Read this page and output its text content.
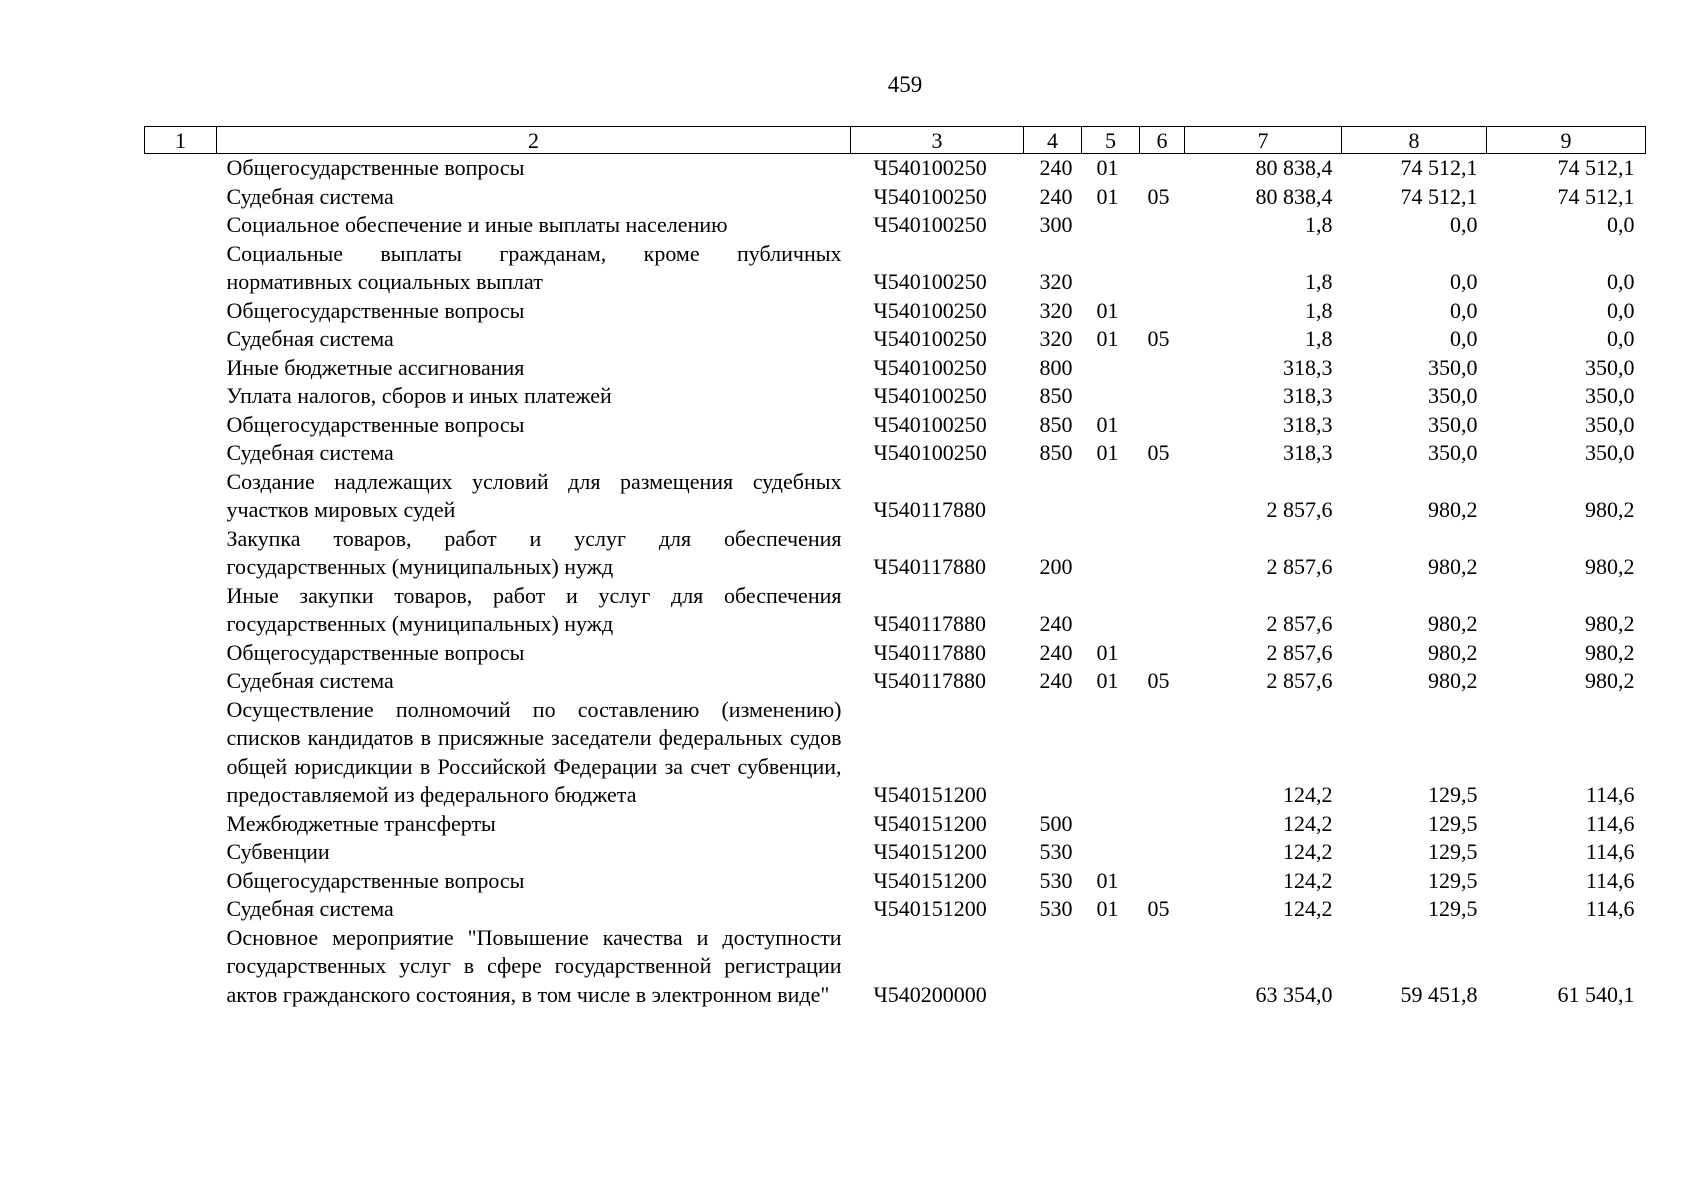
459
1	2	3	4	5	6	7	8	9
	Общегосударственные вопросы	Ч540100250	240	01		80 838,4	74 512,1	74 512,1
	Судебная система	Ч540100250	240	01	05	80 838,4	74 512,1	74 512,1
	Социальное обеспечение и иные выплаты населению	Ч540100250	300			1,8	0,0	0,0
	Социальные выплаты гражданам, кроме публичных нормативных социальных выплат	Ч540100250	320			1,8	0,0	0,0
	Общегосударственные вопросы	Ч540100250	320	01		1,8	0,0	0,0
	Судебная система	Ч540100250	320	01	05	1,8	0,0	0,0
	Иные бюджетные ассигнования	Ч540100250	800			318,3	350,0	350,0
	Уплата налогов, сборов и иных платежей	Ч540100250	850			318,3	350,0	350,0
	Общегосударственные вопросы	Ч540100250	850	01		318,3	350,0	350,0
	Судебная система	Ч540100250	850	01	05	318,3	350,0	350,0
	Создание надлежащих условий для размещения судебных участков мировых судей	Ч540117880				2 857,6	980,2	980,2
	Закупка товаров, работ и услуг для обеспечения государственных (муниципальных) нужд	Ч540117880	200			2 857,6	980,2	980,2
	Иные закупки товаров, работ и услуг для обеспечения государственных (муниципальных) нужд	Ч540117880	240			2 857,6	980,2	980,2
	Общегосударственные вопросы	Ч540117880	240	01		2 857,6	980,2	980,2
	Судебная система	Ч540117880	240	01	05	2 857,6	980,2	980,2
	Осуществление полномочий по составлению (изменению) списков кандидатов в присяжные заседатели федеральных судов общей юрисдикции в Российской Федерации за счет субвенции, предоставляемой из федерального бюджета	Ч540151200				124,2	129,5	114,6
	Межбюджетные трансферты	Ч540151200	500			124,2	129,5	114,6
	Субвенции	Ч540151200	530			124,2	129,5	114,6
	Общегосударственные вопросы	Ч540151200	530	01		124,2	129,5	114,6
	Судебная система	Ч540151200	530	01	05	124,2	129,5	114,6
	Основное мероприятие "Повышение качества и доступности государственных услуг в сфере государственной регистрации актов гражданского состояния, в том числе в электронном виде"	Ч540200000				63 354,0	59 451,8	61 540,1
